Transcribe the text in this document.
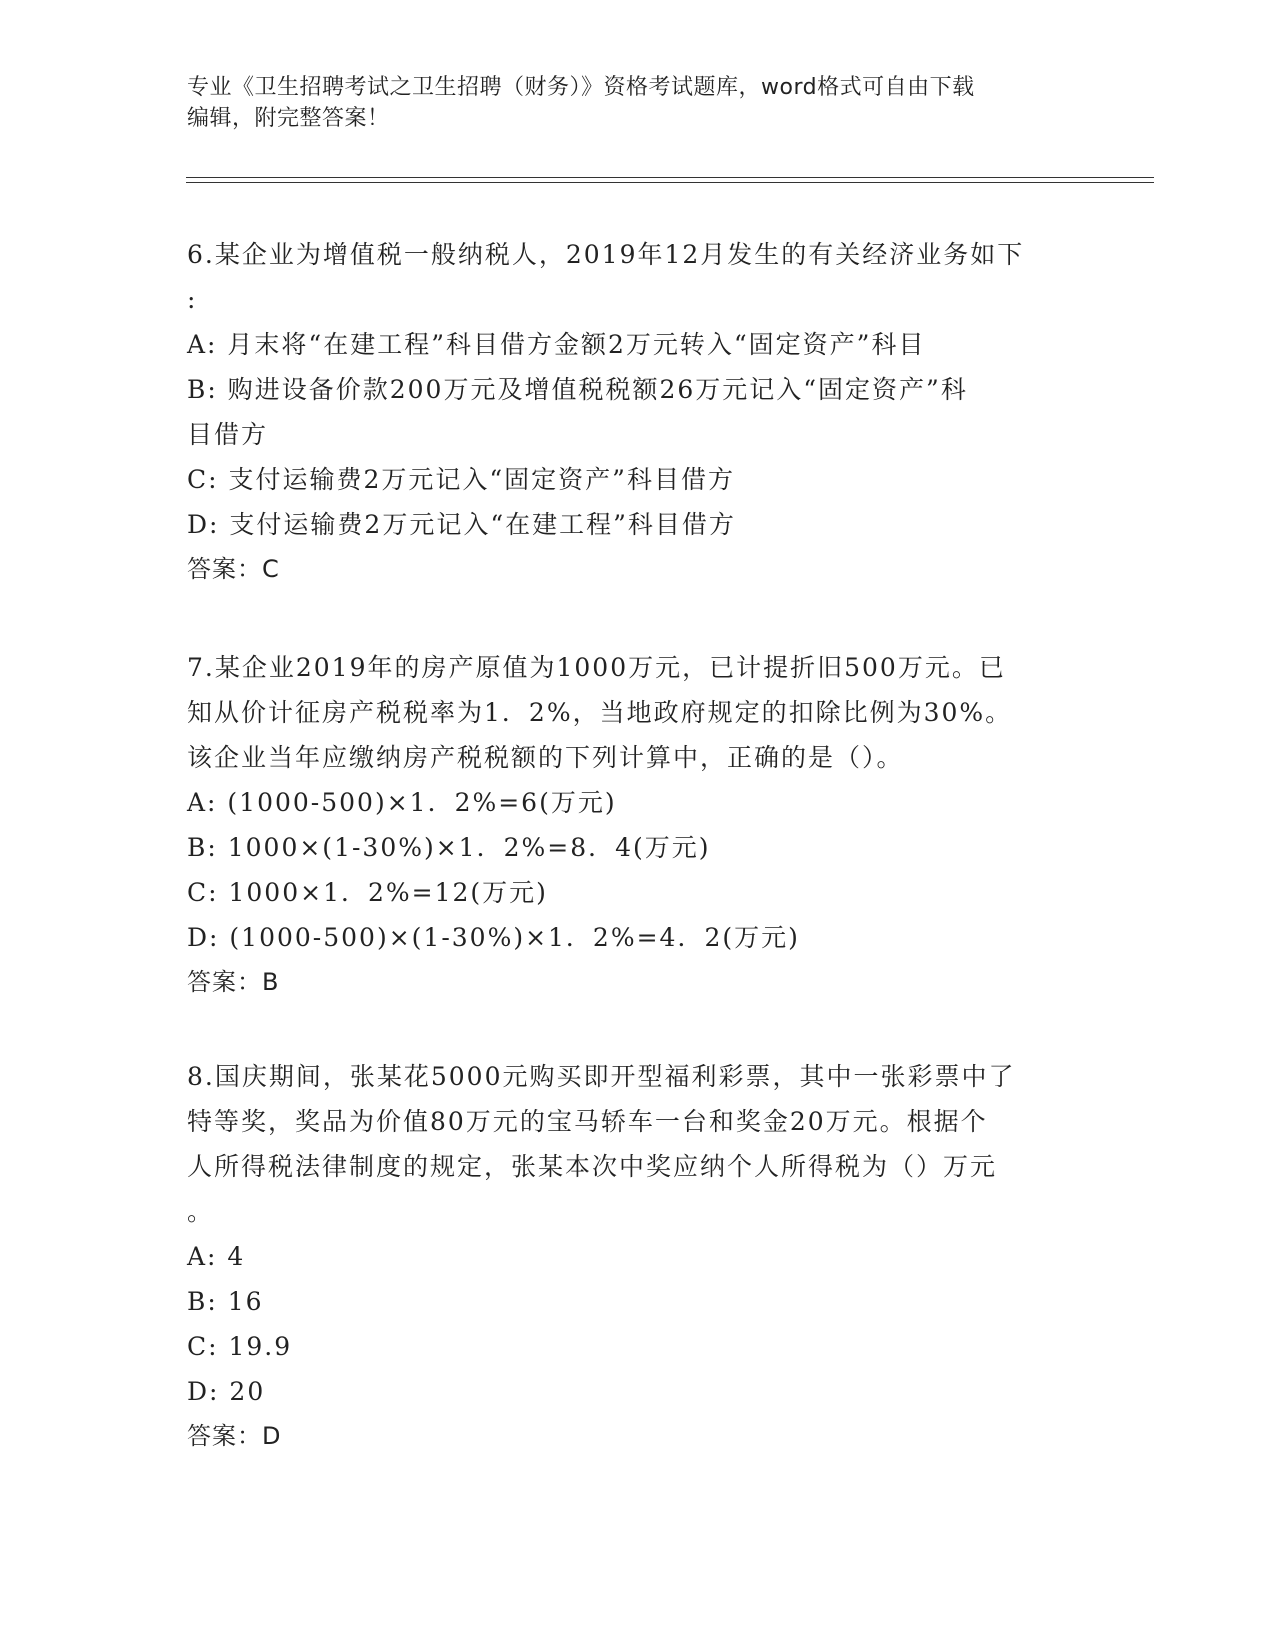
专业《卫生招聘考试之卫生招聘（财务）》资格考试题库，word格式可自由下载
编辑，附完整答案！
6.某企业为增值税一般纳税人，2019年12月发生的有关经济业务如下
:
A: 月末将“在建工程”科目借方金额2万元转入“固定资产”科目
B: 购进设备价款200万元及增值税税额26万元记入“固定资产”科
目借方
C: 支付运输费2万元记入“固定资产”科目借方
D: 支付运输费2万元记入“在建工程”科目借方
答案：C
7.某企业2019年的房产原值为1000万元，已计提折旧500万元。已
知从价计征房产税税率为1．2%，当地政府规定的扣除比例为30%。
该企业当年应缴纳房产税税额的下列计算中，正确的是（）。
A: (1000-500)×1．2%=6(万元)
B: 1000×(1-30%)×1．2%=8．4(万元)
C: 1000×1．2%=12(万元)
D: (1000-500)×(1-30%)×1．2%=4．2(万元)
答案：B
8.国庆期间，张某花5000元购买即开型福利彩票，其中一张彩票中了
特等奖，奖品为价值80万元的宝马轿车一台和奖金20万元。根据个
人所得税法律制度的规定，张某本次中奖应纳个人所得税为（）万元
。
A: 4
B: 16
C: 19.9
D: 20
答案：D
